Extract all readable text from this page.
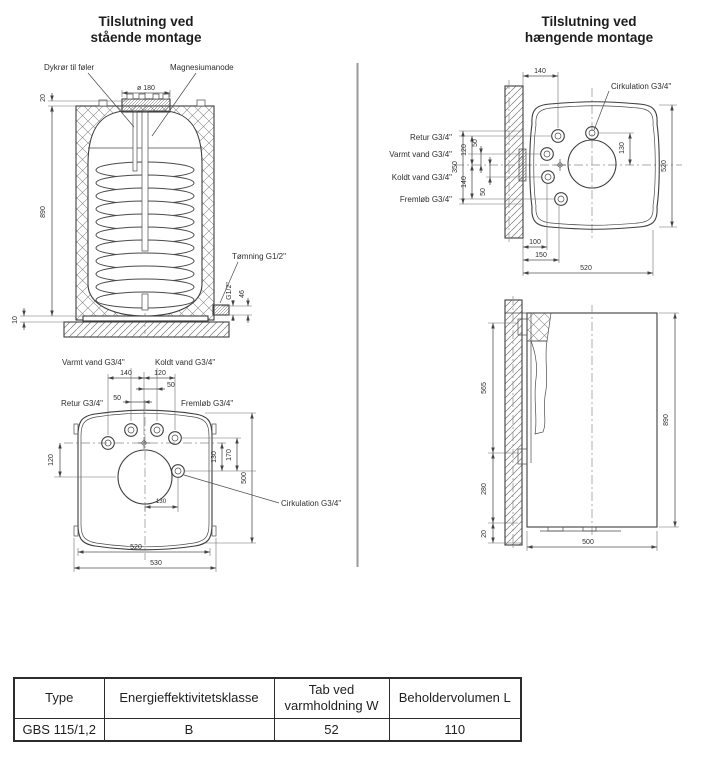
Tilslutning ved
stående montage
Tilslutning ved
hængende montage
20
890
10
ø 180
Dykrør til føler	Magnesiumanode
46
G1/2"
Tømning G1/2"
140	120
50
50
Varmt vand G3/4"	Koldt vand G3/4"
Retur G3/4"	Fremløb G3/4"
120	130 170
500
130	Cirkulation G3/4"
520
530
350
120
50
140
50
Retur G3/4"
Varmt vand G3/4"
Koldt vand G3/4"
Fremløb G3/4"
140
Cirkulation G3/4"
130
520
100
150
520
565
280
20
890
500
Type	Energieffektivitetsklasse	Tab ved varmholdning W	Beholdervolumen L
GBS 115/1,2	B	52	110
